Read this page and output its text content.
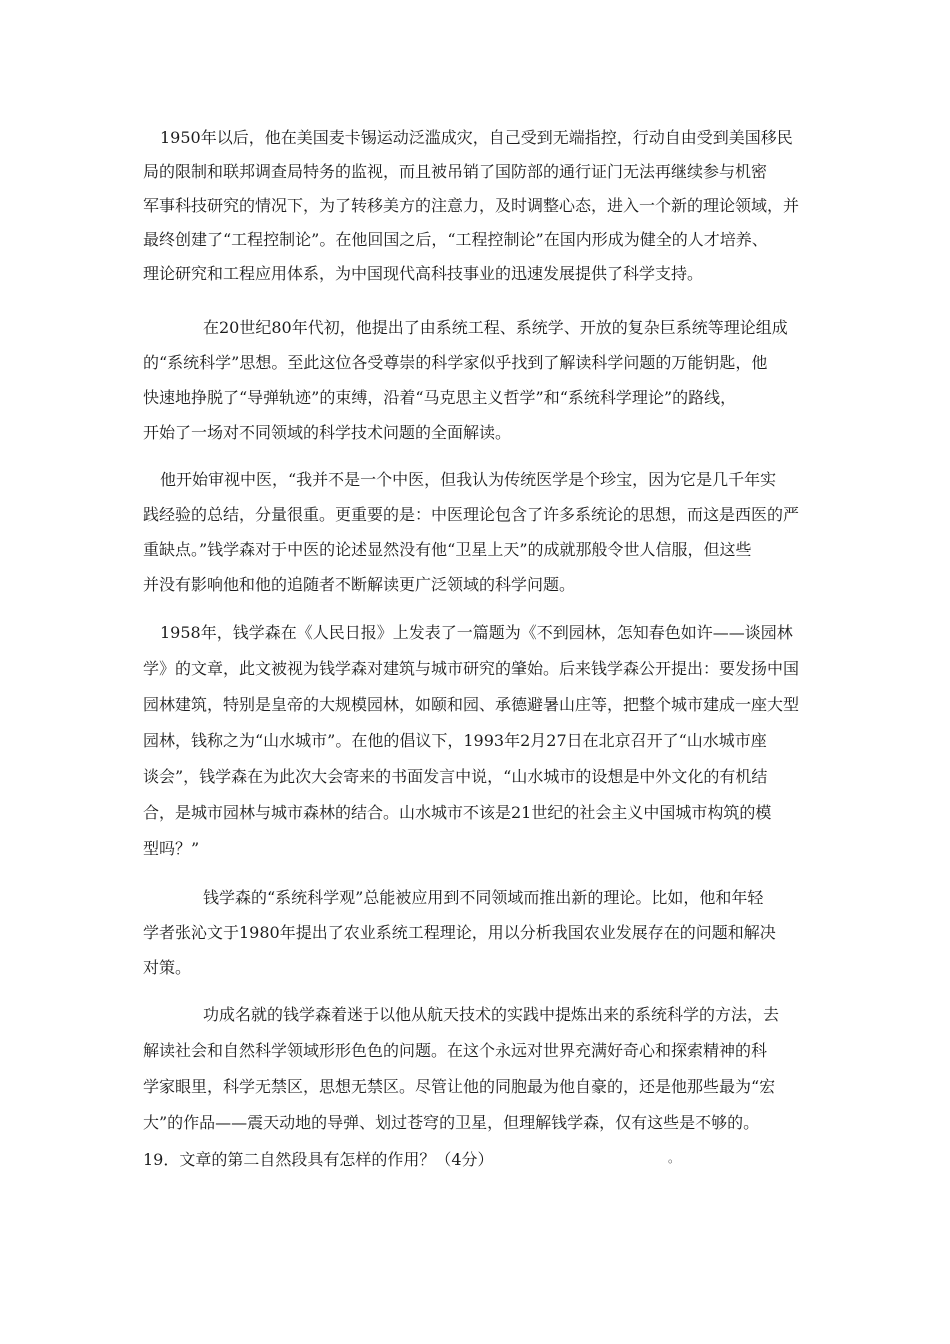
1950年以后，他在美国麦卡锡运动泛滥成灾，自己受到无端指控，行动自由受到美国移民
局的限制和联邦调查局特务的监视，而且被吊销了国防部的通行证门无法再继续参与机密
军事科技研究的情况下，为了转移美方的注意力，及时调整心态，进入一个新的理论领域，并
最终创建了“工程控制论”。在他回国之后，“工程控制论”在国内形成为健全的人才培养、
理论研究和工程应用体系，为中国现代高科技事业的迅速发展提供了科学支持。
在20世纪80年代初，他提出了由系统工程、系统学、开放的复杂巨系统等理论组成
的“系统科学”思想。至此这位各受尊崇的科学家似乎找到了解读科学问题的万能钥匙，他
快速地挣脱了“导弹轨迹”的束缚，沿着“马克思主义哲学”和“系统科学理论”的路线，
开始了一场对不同领域的科学技术问题的全面解读。
他开始审视中医，“我并不是一个中医，但我认为传统医学是个珍宝，因为它是几千年实
践经验的总结，分量很重。更重要的是：中医理论包含了许多系统论的思想，而这是西医的严
重缺点。”钱学森对于中医的论述显然没有他“卫星上天”的成就那般令世人信服，但这些
并没有影响他和他的追随者不断解读更广泛领域的科学问题。
1958年，钱学森在《人民日报》上发表了一篇题为《不到园林，怎知春色如许——谈园林
学》的文章，此文被视为钱学森对建筑与城市研究的肇始。后来钱学森公开提出：要发扬中国
园林建筑，特别是皇帝的大规模园林，如颐和园、承德避暑山庄等，把整个城市建成一座大型
园林，钱称之为“山水城市”。在他的倡议下，1993年2月27日在北京召开了“山水城市座
谈会”，钱学森在为此次大会寄来的书面发言中说，“山水城市的设想是中外文化的有机结
合，是城市园林与城市森林的结合。山水城市不该是21世纪的社会主义中国城市构筑的模
型吗？”
钱学森的“系统科学观”总能被应用到不同领域而推出新的理论。比如，他和年轻
学者张沁文于1980年提出了农业系统工程理论，用以分析我国农业发展存在的问题和解决
对策。
功成名就的钱学森着迷于以他从航天技术的实践中提炼出来的系统科学的方法，去
解读社会和自然科学领域形形色色的问题。在这个永远对世界充满好奇心和探索精神的科
学家眼里，科学无禁区，思想无禁区。尽管让他的同胞最为他自豪的，还是他那些最为“宏
大”的作品——震天动地的导弹、划过苍穹的卫星，但理解钱学森，仅有这些是不够的。
19．文章的第二自然段具有怎样的作用？（4分）	。
